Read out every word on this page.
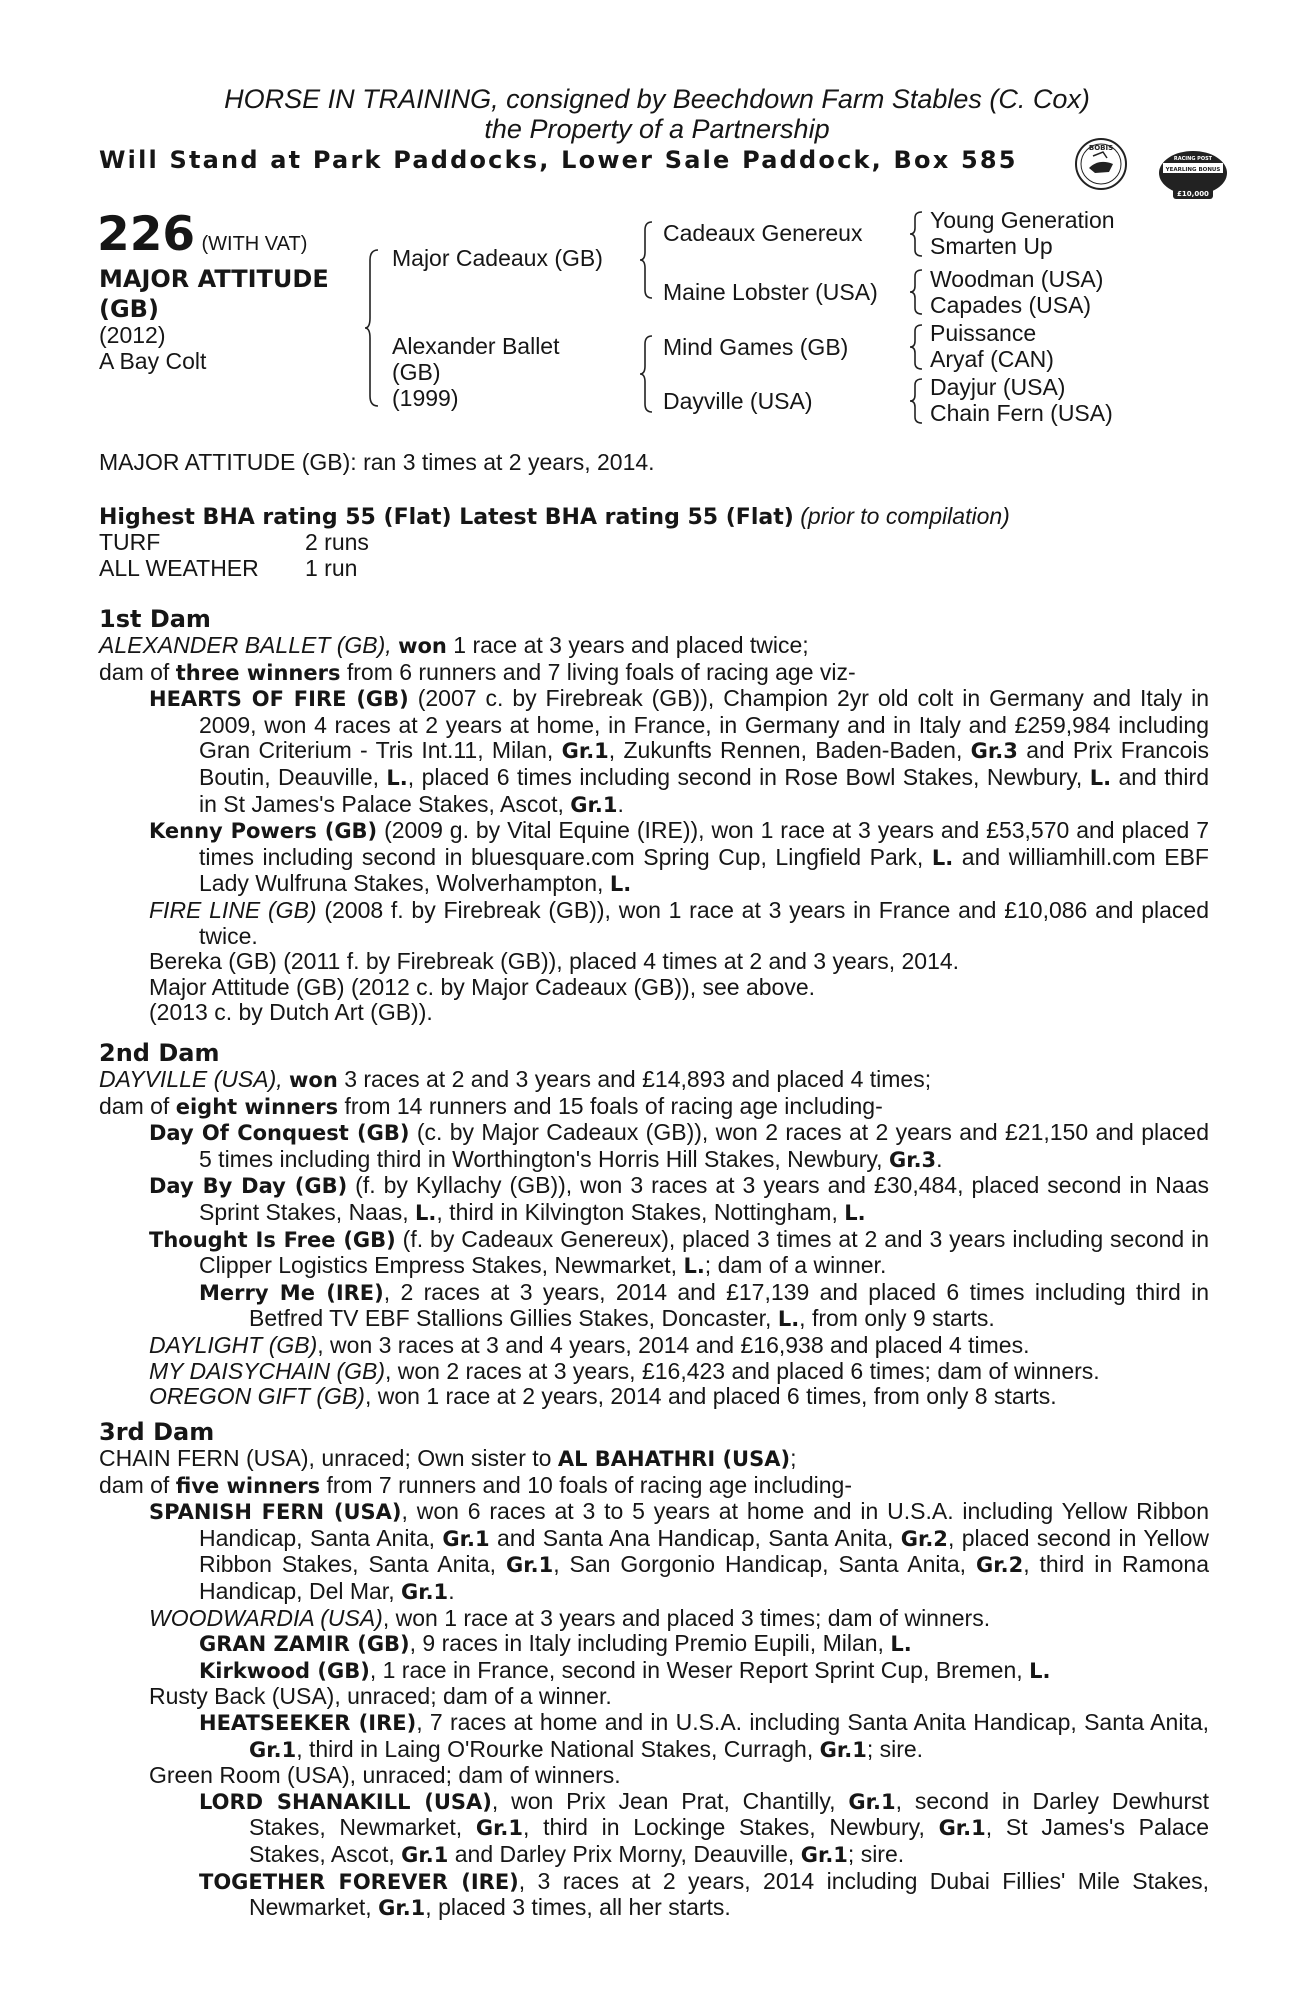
HORSE IN TRAINING, consigned by Beechdown Farm Stables (C. Cox)
the Property of a Partnership
Will Stand at Park Paddocks, Lower Sale Paddock, Box 585	BOBIS
RACING POST
YEARLING BONUS
£10,000
226 (WITH VAT)
MAJOR ATTITUDE
(GB)
(2012)
A Bay Colt
Major Cadeaux (GB)
Alexander Ballet
(GB)
(1999)
Cadeaux Genereux
Maine Lobster (USA)
Mind Games (GB)
Dayville (USA)
Young Generation
Smarten Up
Woodman (USA)
Capades (USA)
Puissance
Aryaf (CAN)
Dayjur (USA)
Chain Fern (USA)
MAJOR ATTITUDE (GB): ran 3 times at 2 years, 2014.
Highest BHA rating 55 (Flat) Latest BHA rating 55 (Flat) (prior to compilation)
TURF	2 runs
ALL WEATHER 1 run

1st Dam

ALEXANDER BALLET (GB), won 1 race at 3 years and placed twice;

dam of three winners from 6 runners and 7 living foals of racing age viz-

HEARTS OF FIRE (GB) (2007 c. by Firebreak (GB)), Champion 2yr old colt in Germany and Italy in 2009, won 4 races at 2 years at home, in France, in Germany and in Italy and £259,984 including Gran Criterium - Tris Int.11, Milan, Gr.1, Zukunfts Rennen, Baden-Baden, Gr.3 and Prix Francois Boutin, Deauville, L., placed 6 times including second in Rose Bowl Stakes, Newbury, L. and third in St James's Palace Stakes, Ascot, Gr.1.

Kenny Powers (GB) (2009 g. by Vital Equine (IRE)), won 1 race at 3 years and £53,570 and placed 7 times including second in bluesquare.com Spring Cup, Lingfield Park, L. and williamhill.com EBF Lady Wulfruna Stakes, Wolverhampton, L.

FIRE LINE (GB) (2008 f. by Firebreak (GB)), won 1 race at 3 years in France and £10,086 and placed twice.

Bereka (GB) (2011 f. by Firebreak (GB)), placed 4 times at 2 and 3 years, 2014.

Major Attitude (GB) (2012 c. by Major Cadeaux (GB)), see above.

(2013 c. by Dutch Art (GB)).

2nd Dam

DAYVILLE (USA), won 3 races at 2 and 3 years and £14,893 and placed 4 times;

dam of eight winners from 14 runners and 15 foals of racing age including-

Day Of Conquest (GB) (c. by Major Cadeaux (GB)), won 2 races at 2 years and £21,150 and placed 5 times including third in Worthington's Horris Hill Stakes, Newbury, Gr.3.

Day By Day (GB) (f. by Kyllachy (GB)), won 3 races at 3 years and £30,484, placed second in Naas Sprint Stakes, Naas, L., third in Kilvington Stakes, Nottingham, L.

Thought Is Free (GB) (f. by Cadeaux Genereux), placed 3 times at 2 and 3 years including second in Clipper Logistics Empress Stakes, Newmarket, L.; dam of a winner.

Merry Me (IRE), 2 races at 3 years, 2014 and £17,139 and placed 6 times including third in Betfred TV EBF Stallions Gillies Stakes, Doncaster, L., from only 9 starts.

DAYLIGHT (GB), won 3 races at 3 and 4 years, 2014 and £16,938 and placed 4 times.

MY DAISYCHAIN (GB), won 2 races at 3 years, £16,423 and placed 6 times; dam of winners.

OREGON GIFT (GB), won 1 race at 2 years, 2014 and placed 6 times, from only 8 starts.

3rd Dam

CHAIN FERN (USA), unraced; Own sister to AL BAHATHRI (USA);

dam of five winners from 7 runners and 10 foals of racing age including-

SPANISH FERN (USA), won 6 races at 3 to 5 years at home and in U.S.A. including Yellow Ribbon Handicap, Santa Anita, Gr.1 and Santa Ana Handicap, Santa Anita, Gr.2, placed second in Yellow Ribbon Stakes, Santa Anita, Gr.1, San Gorgonio Handicap, Santa Anita, Gr.2, third in Ramona Handicap, Del Mar, Gr.1.

WOODWARDIA (USA), won 1 race at 3 years and placed 3 times; dam of winners.

GRAN ZAMIR (GB), 9 races in Italy including Premio Eupili, Milan, L.

Kirkwood (GB), 1 race in France, second in Weser Report Sprint Cup, Bremen, L.

Rusty Back (USA), unraced; dam of a winner.

HEATSEEKER (IRE), 7 races at home and in U.S.A. including Santa Anita Handicap, Santa Anita, Gr.1, third in Laing O'Rourke National Stakes, Curragh, Gr.1; sire.

Green Room (USA), unraced; dam of winners.

LORD SHANAKILL (USA), won Prix Jean Prat, Chantilly, Gr.1, second in Darley Dewhurst Stakes, Newmarket, Gr.1, third in Lockinge Stakes, Newbury, Gr.1, St James's Palace Stakes, Ascot, Gr.1 and Darley Prix Morny, Deauville, Gr.1; sire.

TOGETHER FOREVER (IRE), 3 races at 2 years, 2014 including Dubai Fillies' Mile Stakes, Newmarket, Gr.1, placed 3 times, all her starts.
